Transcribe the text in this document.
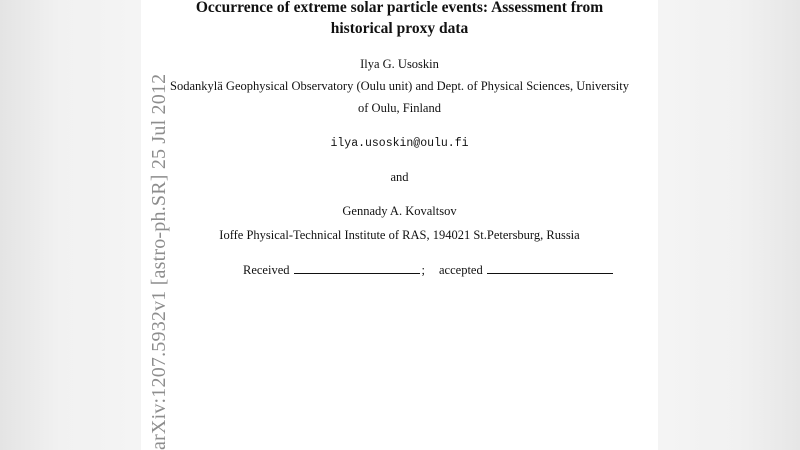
Occurrence of extreme solar particle events: Assessment from
historical proxy data
Ilya G. Usoskin
Sodankylä Geophysical Observatory (Oulu unit) and Dept. of Physical Sciences, University
of Oulu, Finland
ilya.usoskin@oulu.fi
and
Gennady A. Kovaltsov
Ioffe Physical-Technical Institute of RAS, 194021 St.Petersburg, Russia
Received	; accepted
arXiv:1207.5932v1 [astro-ph.SR] 25 Jul 2012
